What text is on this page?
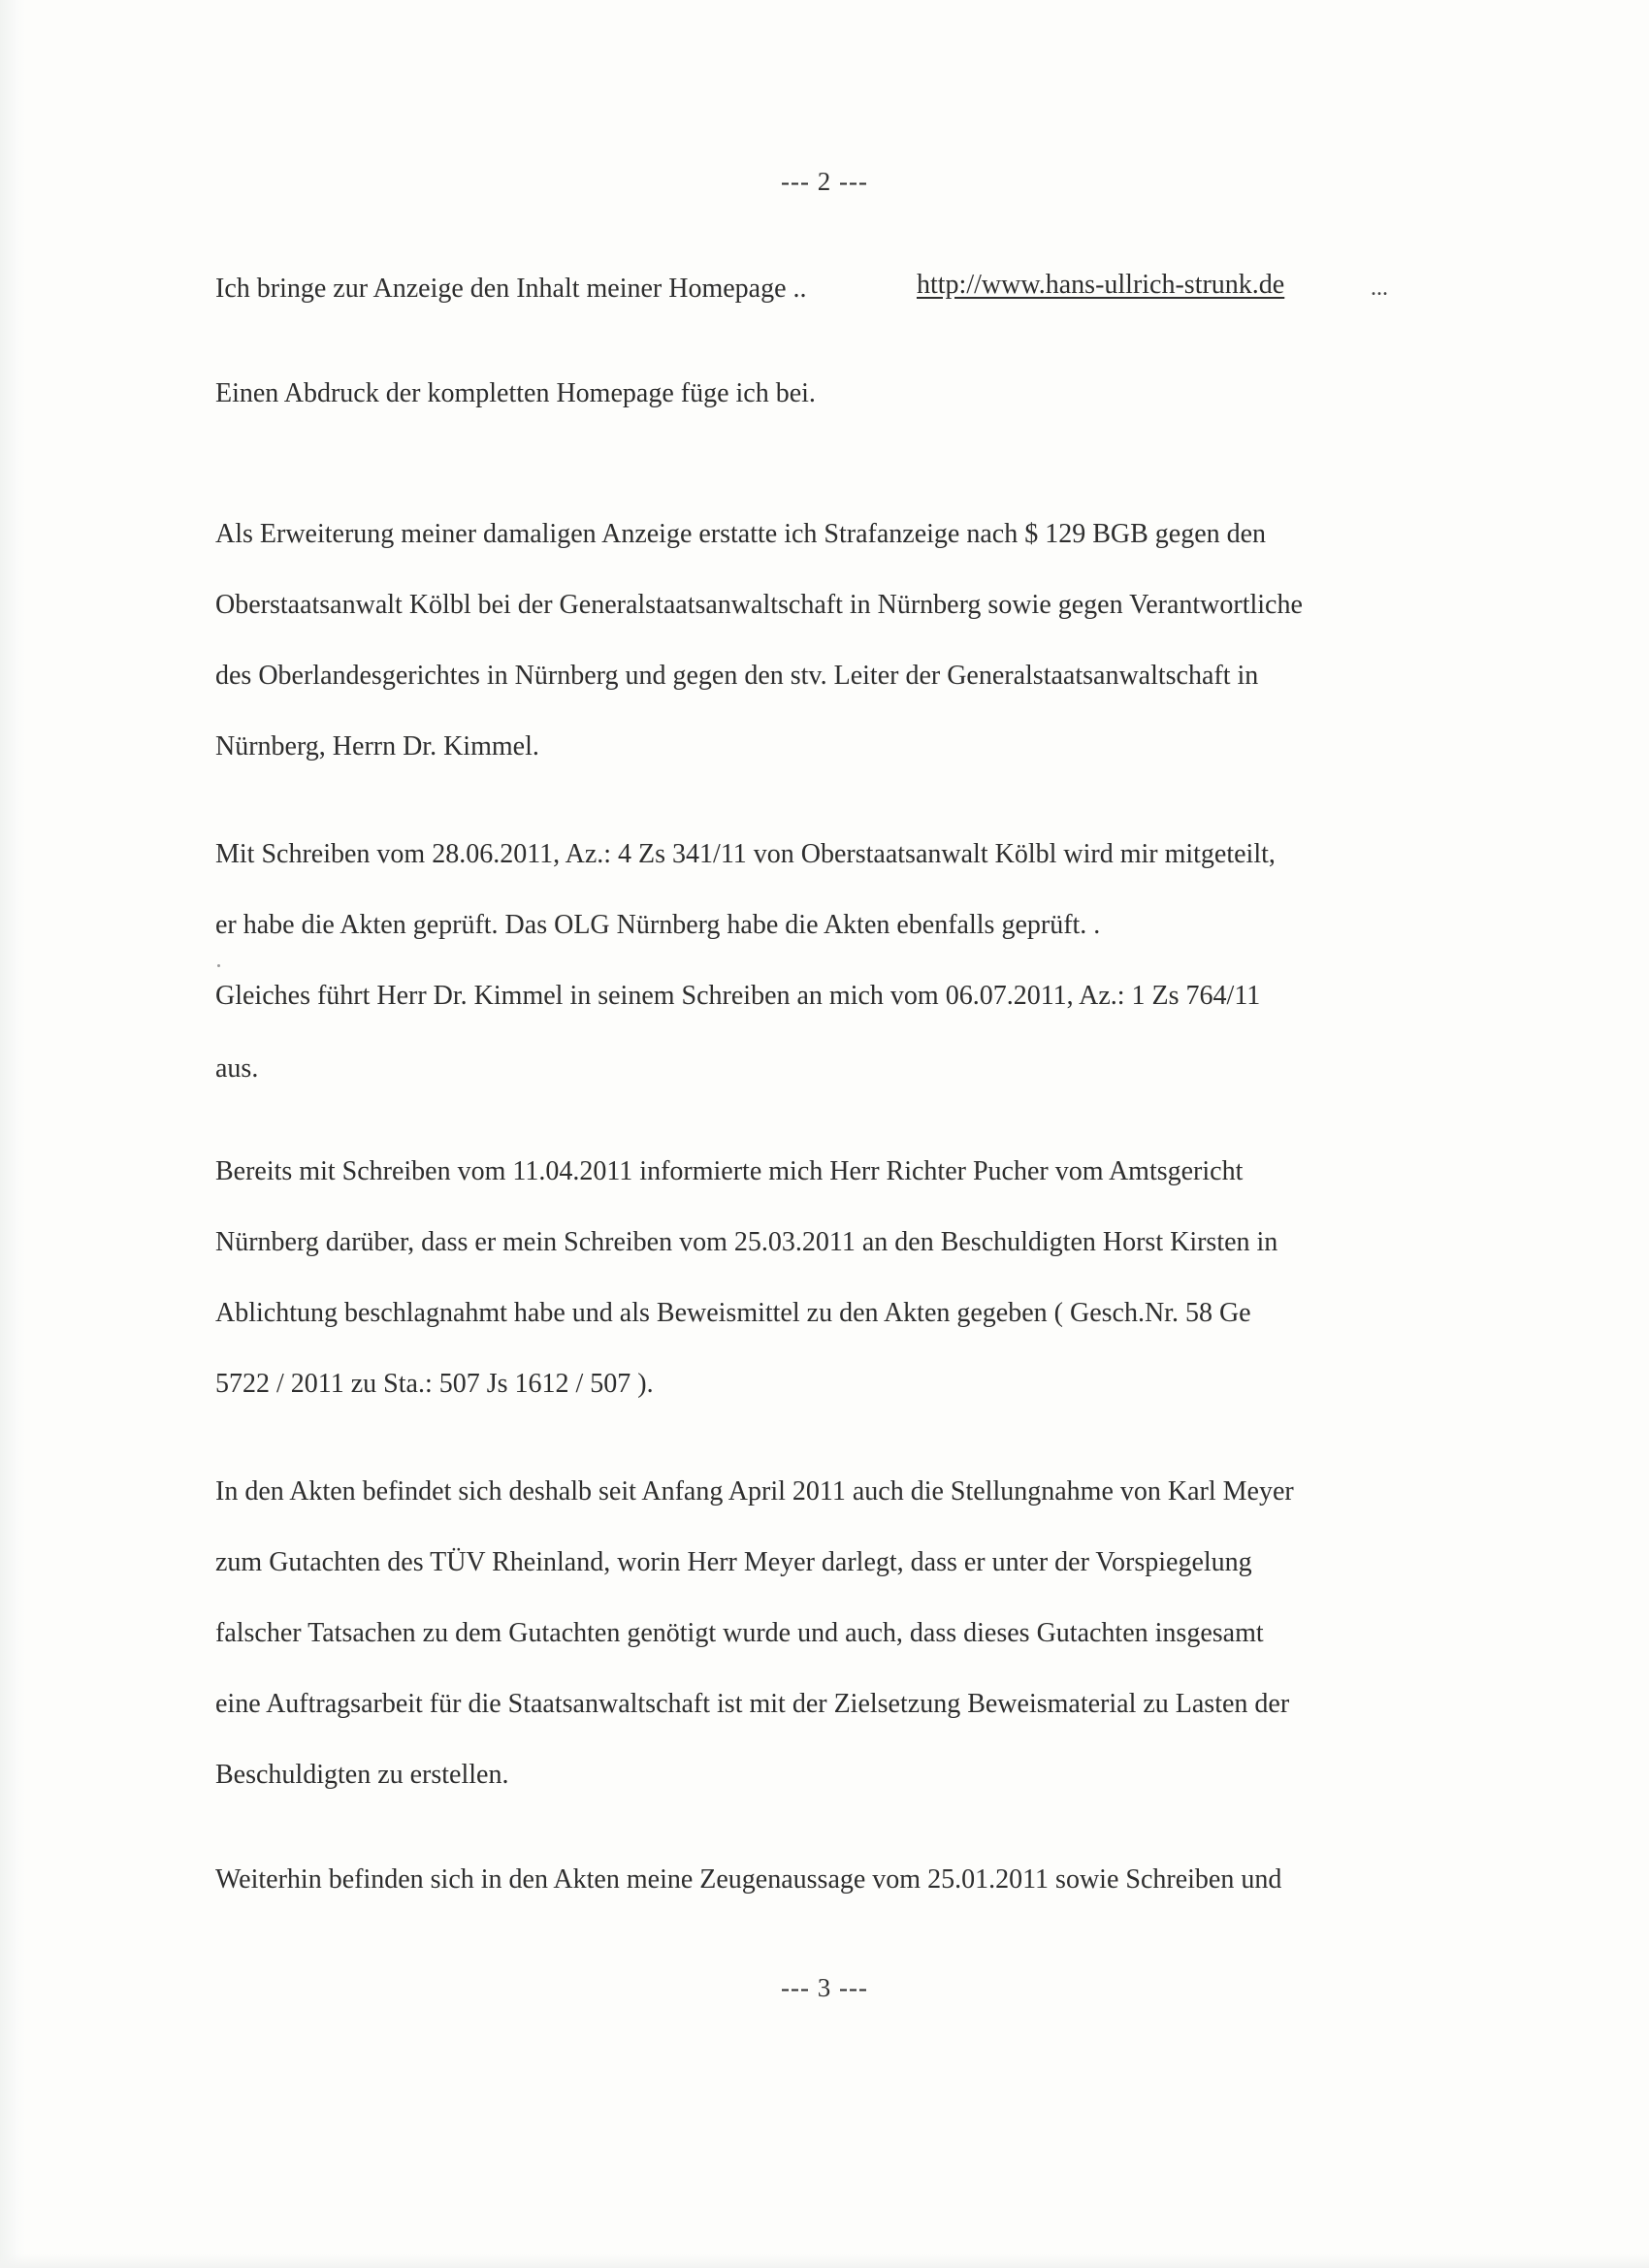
--- 2 ---
Ich bringe zur Anzeige den Inhalt meiner Homepage ..	http://www.hans-ullrich-strunk.de	...
Einen Abdruck der kompletten Homepage füge ich bei.
Als Erweiterung meiner damaligen Anzeige erstatte ich Strafanzeige nach $ 129 BGB gegen den
Oberstaatsanwalt Kölbl bei der Generalstaatsanwaltschaft in Nürnberg sowie gegen Verantwortliche
des Oberlandesgerichtes in Nürnberg und gegen den stv. Leiter der Generalstaatsanwaltschaft in
Nürnberg, Herrn Dr. Kimmel.
Mit Schreiben vom 28.06.2011, Az.: 4 Zs 341/11 von Oberstaatsanwalt Kölbl wird mir mitgeteilt,
er habe die Akten geprüft. Das OLG Nürnberg habe die Akten ebenfalls geprüft. .
Gleiches führt Herr Dr. Kimmel in seinem Schreiben an mich vom 06.07.2011, Az.: 1 Zs 764/11
aus.
Bereits mit Schreiben vom 11.04.2011 informierte mich Herr Richter Pucher vom Amtsgericht
Nürnberg darüber, dass er mein Schreiben vom 25.03.2011 an den Beschuldigten Horst Kirsten in
Ablichtung beschlagnahmt habe und als Beweismittel zu den Akten gegeben ( Gesch.Nr. 58 Ge
5722 / 2011 zu Sta.: 507 Js 1612 / 507 ).
In den Akten befindet sich deshalb seit Anfang April 2011 auch die Stellungnahme von Karl Meyer
zum Gutachten des TÜV Rheinland, worin Herr Meyer darlegt, dass er unter der Vorspiegelung
falscher Tatsachen zu dem Gutachten genötigt wurde und auch, dass dieses Gutachten insgesamt
eine Auftragsarbeit für die Staatsanwaltschaft ist mit der Zielsetzung Beweismaterial zu Lasten der
Beschuldigten zu erstellen.
Weiterhin befinden sich in den Akten meine Zeugenaussage vom 25.01.2011 sowie Schreiben und
--- 3 ---
